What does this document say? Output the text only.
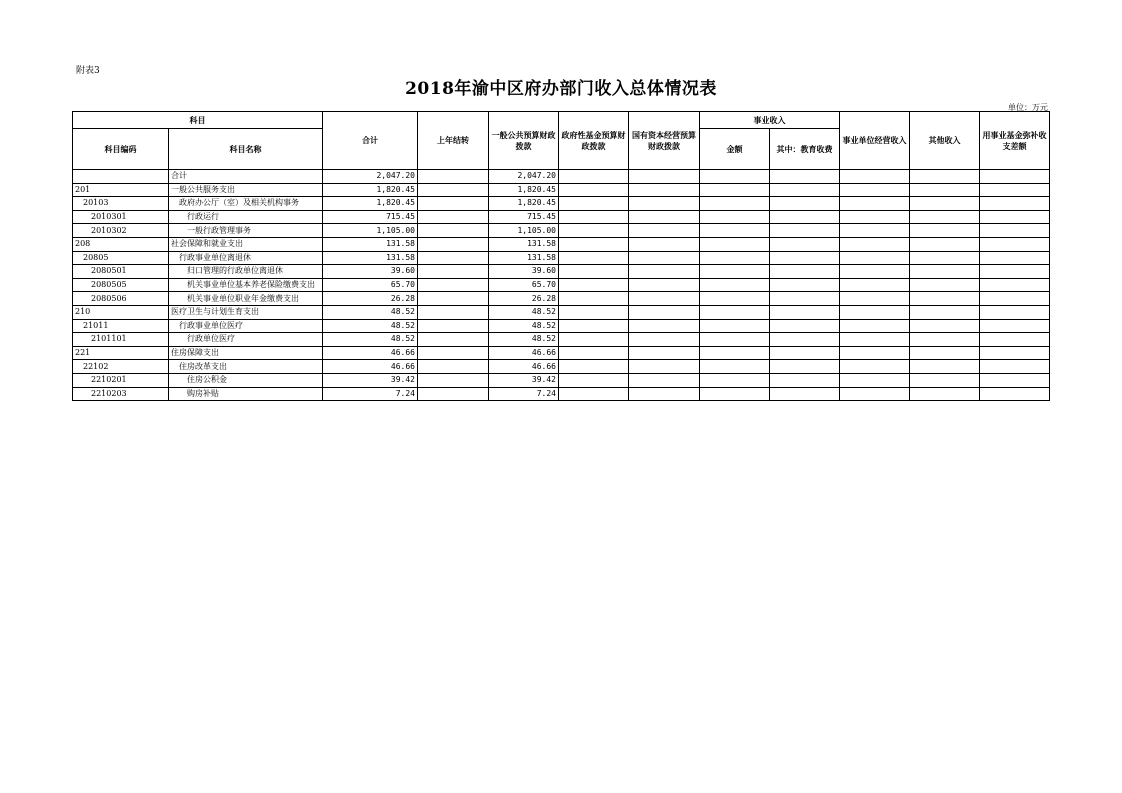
附表3
2018年渝中区府办部门收入总体情况表
单位：万元
科目		合计	上年结转	一般公共预算财政拨款	政府性基金预算财政拨款	国有资本经营预算财政拨款	事业收入		事业单位经营收入	其他收入	用事业基金弥补收支差额
科目编码	科目名称						金额	其中：教育收费			
	合计	2,047.20		2,047.20							
201	一般公共服务支出	1,820.45		1,820.45							
20103	政府办公厅（室）及相关机构事务	1,820.45		1,820.45							
2010301	行政运行	715.45		715.45							
2010302	一般行政管理事务	1,105.00		1,105.00							
208	社会保障和就业支出	131.58		131.58							
20805	行政事业单位离退休	131.58		131.58							
2080501	归口管理的行政单位离退休	39.60		39.60							
2080505	机关事业单位基本养老保险缴费支出	65.70		65.70							
2080506	机关事业单位职业年金缴费支出	26.28		26.28							
210	医疗卫生与计划生育支出	48.52		48.52							
21011	行政事业单位医疗	48.52		48.52							
2101101	行政单位医疗	48.52		48.52							
221	住房保障支出	46.66		46.66							
22102	住房改革支出	46.66		46.66							
2210201	住房公积金	39.42		39.42							
2210203	购房补贴	7.24		7.24							
